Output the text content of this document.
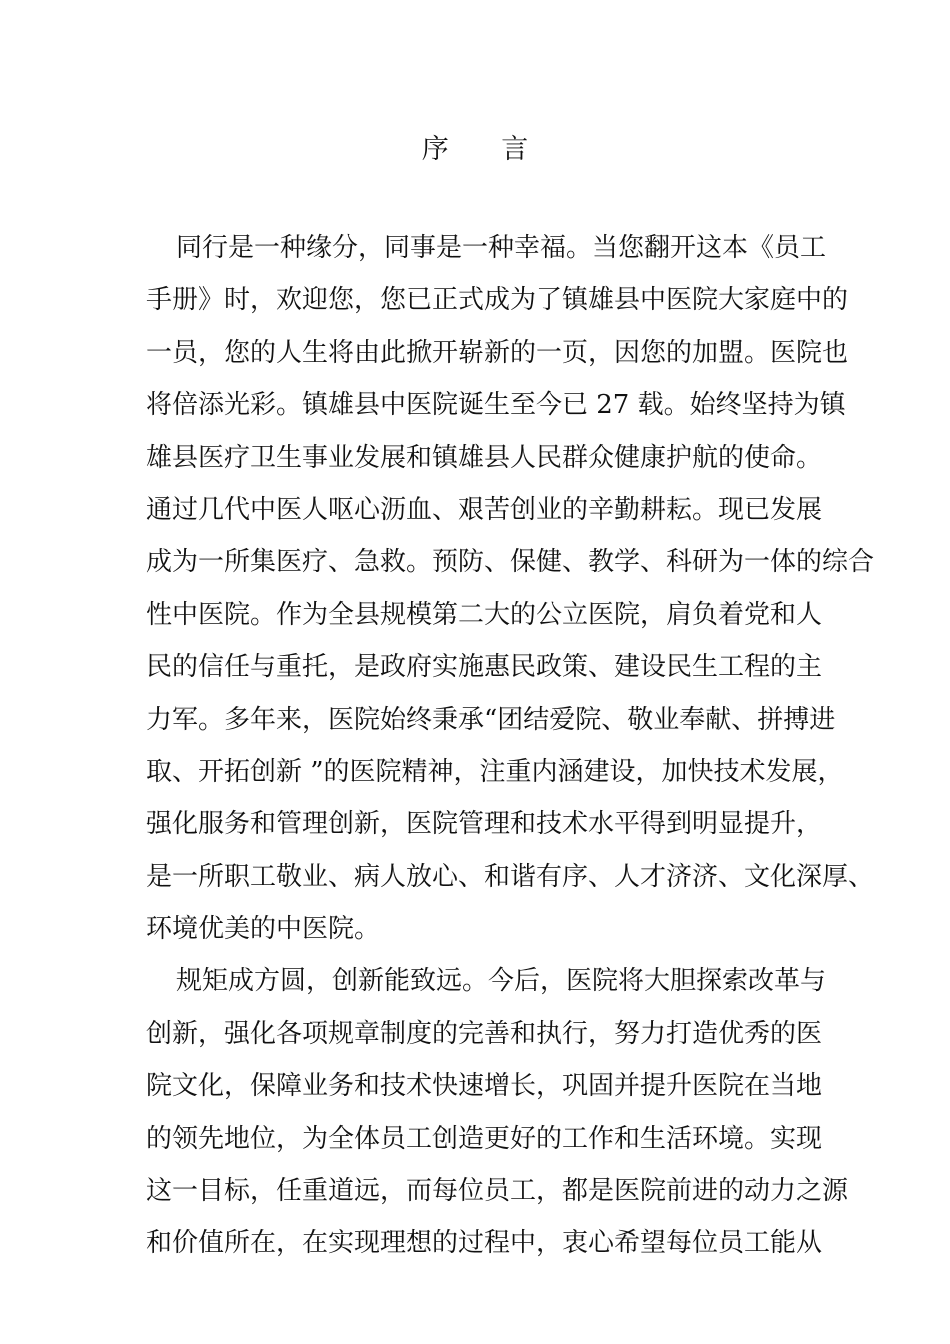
序 言
同行是一种缘分，同事是一种幸福。当您翻开这本《员工
手册》时，欢迎您，您已正式成为了镇雄县中医院大家庭中的
一员，您的人生将由此掀开崭新的一页，因您的加盟。医院也
将倍添光彩。镇雄县中医院诞生至今已 27 载。始终坚持为镇
雄县医疗卫生事业发展和镇雄县人民群众健康护航的使命。
通过几代中医人呕心沥血、艰苦创业的辛勤耕耘。现已发展
成为一所集医疗、急救。预防、保健、教学、科研为一体的综合
性中医院。作为全县规模第二大的公立医院，肩负着党和人
民的信任与重托，是政府实施惠民政策、建设民生工程的主
力军。多年来，医院始终秉承“团结爱院、敬业奉献、拼搏进
取、开拓创新 ”的医院精神，注重内涵建设，加快技术发展，
强化服务和管理创新，医院管理和技术水平得到明显提升，
是一所职工敬业、病人放心、和谐有序、人才济济、文化深厚、
环境优美的中医院。
规矩成方圆，创新能致远。今后，医院将大胆探索改革与
创新，强化各项规章制度的完善和执行，努力打造优秀的医
院文化，保障业务和技术快速增长，巩固并提升医院在当地
的领先地位，为全体员工创造更好的工作和生活环境。实现
这一目标，任重道远，而每位员工，都是医院前进的动力之源
和价值所在，在实现理想的过程中，衷心希望每位员工能从
